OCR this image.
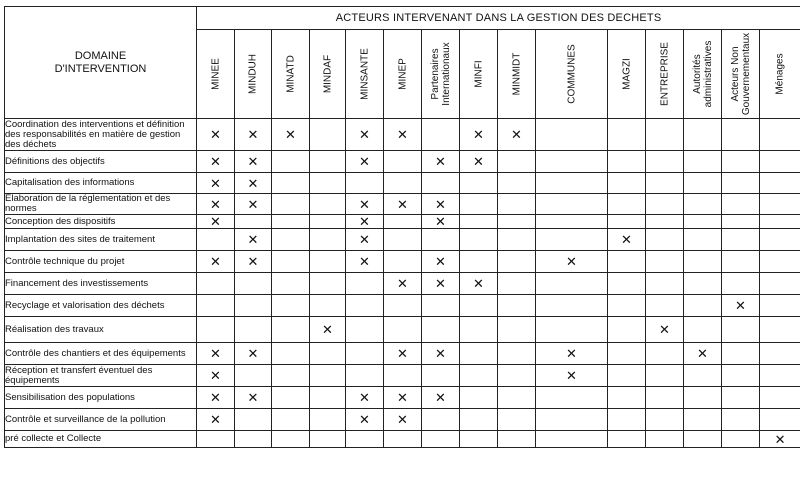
DOMAINE
D'INTERVENTION	ACTEURS INTERVENANT DANS LA GESTION DES DECHETS														

	MINEE	MINDUH	MINATD	MINDAF	MINSANTE	MINEP	Partenaires
Internationaux	MINFI	MINMIDT	COMMUNES	MAGZI	ENTREPRISE	Autorités
administratives	Acteurs Non
Gouvernementaux	Ménages

Coordination des interventions et définition des responsabilités en matière de gestion des déchets	✕	✕	✕		✕	✕		✕	✕						
Définitions des objectifs	✕	✕			✕		✕	✕							
Capitalisation des informations	✕	✕													
Élaboration de la réglementation et des normes	✕	✕			✕	✕	✕								
Conception des dispositifs	✕				✕		✕								
Implantation des sites de traitement		✕			✕						✕				
Contrôle technique du projet	✕	✕			✕		✕			✕					
Financement des investissements						✕	✕	✕							
Recyclage et valorisation des déchets														✕	
Réalisation des travaux				✕								✕			
Contrôle des chantiers et des équipements	✕	✕				✕	✕			✕			✕		
Réception et transfert éventuel des équipements	✕									✕					
Sensibilisation des populations	✕	✕			✕	✕	✕								
Contrôle et surveillance de la pollution	✕				✕	✕									
pré collecte et Collecte															✕
